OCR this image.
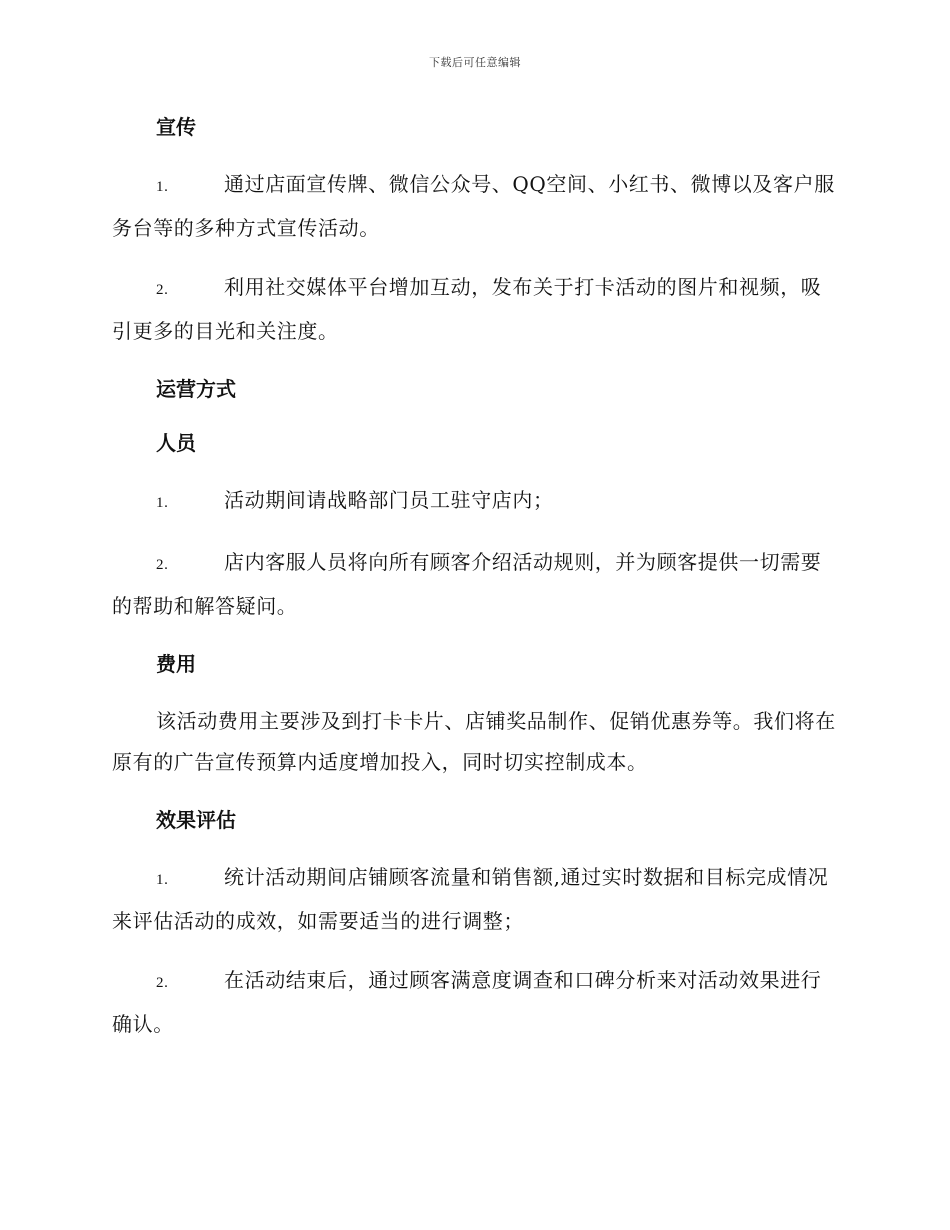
下载后可任意编辑
宣传

1.	通过店面宣传牌、微信公众号、QQ空间、小红书、微博以及客户服务台等的多种方式宣传活动。

2.	利用社交媒体平台增加互动，发布关于打卡活动的图片和视频，吸引更多的目光和关注度。

运营方式
人员

1.	活动期间请战略部门员工驻守店内；

2.	店内客服人员将向所有顾客介绍活动规则，并为顾客提供一切需要的帮助和解答疑问。

费用

该活动费用主要涉及到打卡卡片、店铺奖品制作、促销优惠券等。我们将在原有的广告宣传预算内适度增加投入，同时切实控制成本。

效果评估

1.	统计活动期间店铺顾客流量和销售额,通过实时数据和目标完成情况来评估活动的成效，如需要适当的进行调整；

2.	在活动结束后，通过顾客满意度调查和口碑分析来对活动效果进行确认。
